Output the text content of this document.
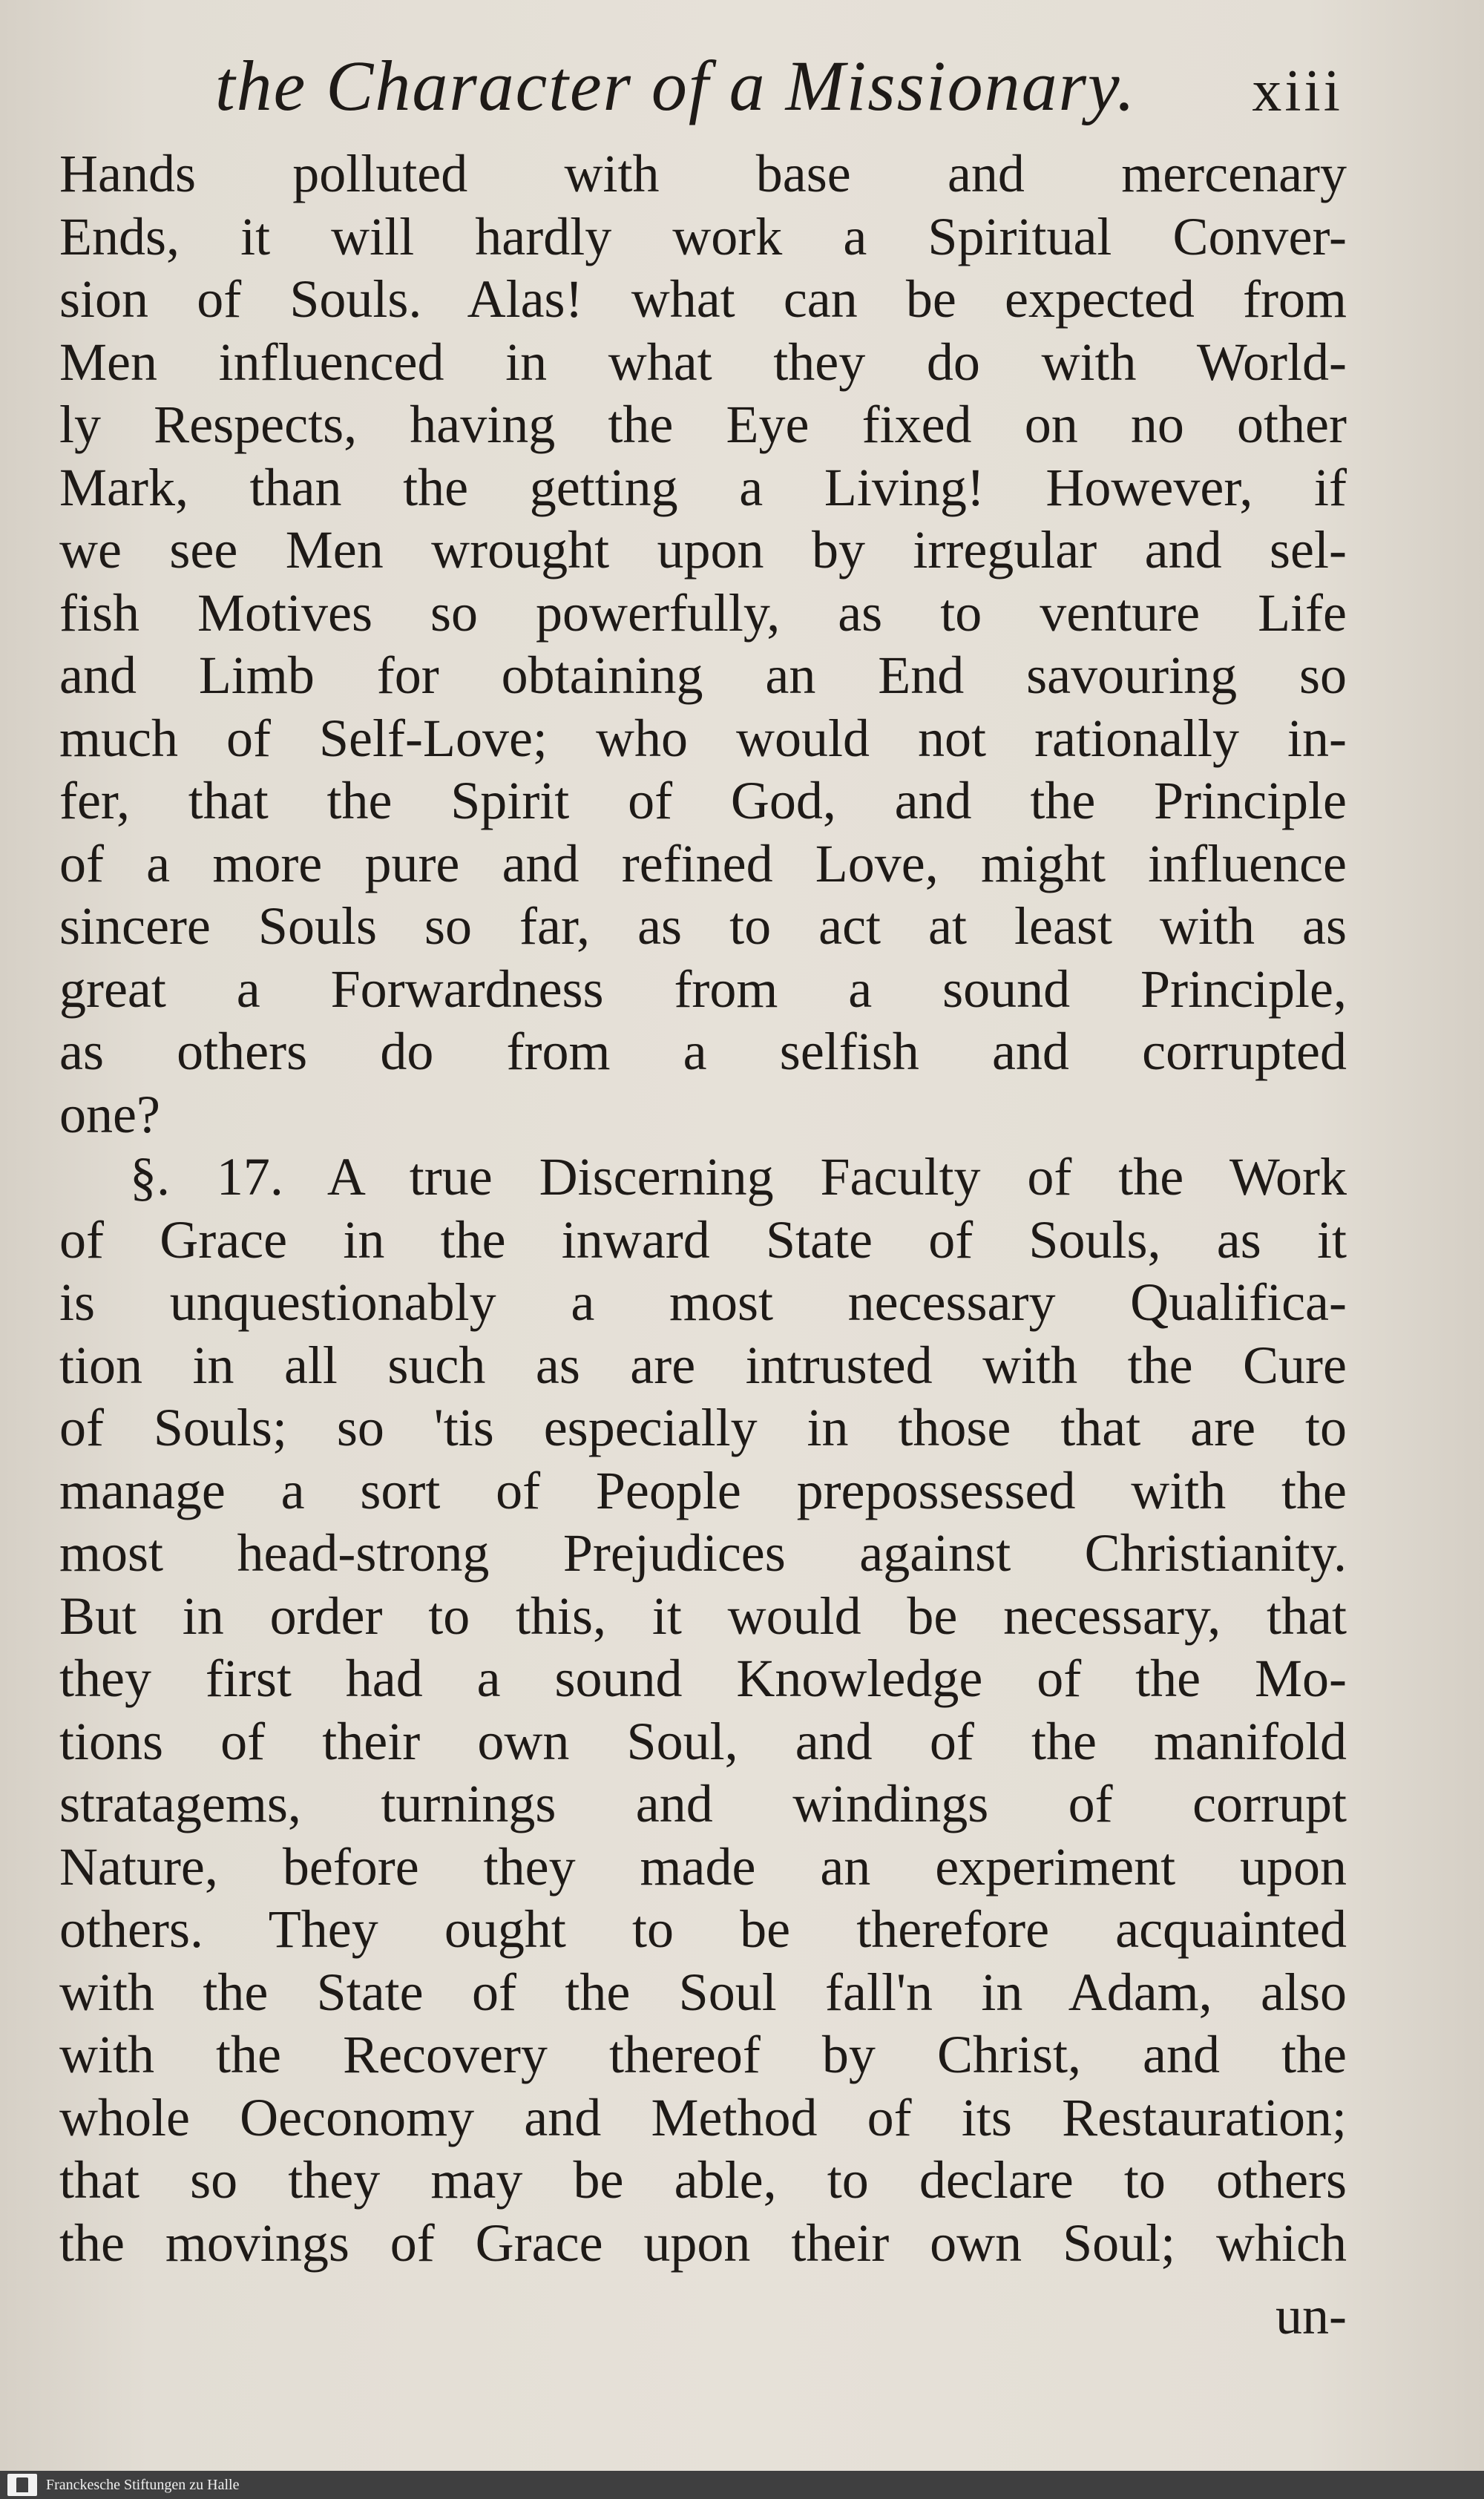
the Character of a Missionary. xiii
Hands polluted with base and mercenary
Ends, it will hardly work a Spiritual Conver-
sion of Souls. Alas! what can be expected from
Men influenced in what they do with World-
ly Respects, having the Eye fixed on no other
Mark, than the getting a Living! However, if
we see Men wrought upon by irregular and sel-
fish Motives so powerfully, as to venture Life
and Limb for obtaining an End savouring so
much of Self-Love; who would not rationally in-
fer, that the Spirit of God, and the Principle
of a more pure and refined Love, might influence
sincere Souls so far, as to act at least with as
great a Forwardness from a sound Principle,
as others do from a selfish and corrupted
one?
§. 17. A true Discerning Faculty of the Work
of Grace in the inward State of Souls, as it
is unquestionably a most necessary Qualifica-
tion in all such as are intrusted with the Cure
of Souls; so 'tis especially in those that are to
manage a sort of People prepossessed with the
most head-strong Prejudices against Christianity.
But in order to this, it would be necessary, that
they first had a sound Knowledge of the Mo-
tions of their own Soul, and of the manifold
stratagems, turnings and windings of corrupt
Nature, before they made an experiment upon
others. They ought to be therefore acquainted
with the State of the Soul fall'n in Adam, also
with the Recovery thereof by Christ, and the
whole Oeconomy and Method of its Restauration;
that so they may be able, to declare to others
the movings of Grace upon their own Soul; which
un-
Franckesche Stiftungen zu Halle
